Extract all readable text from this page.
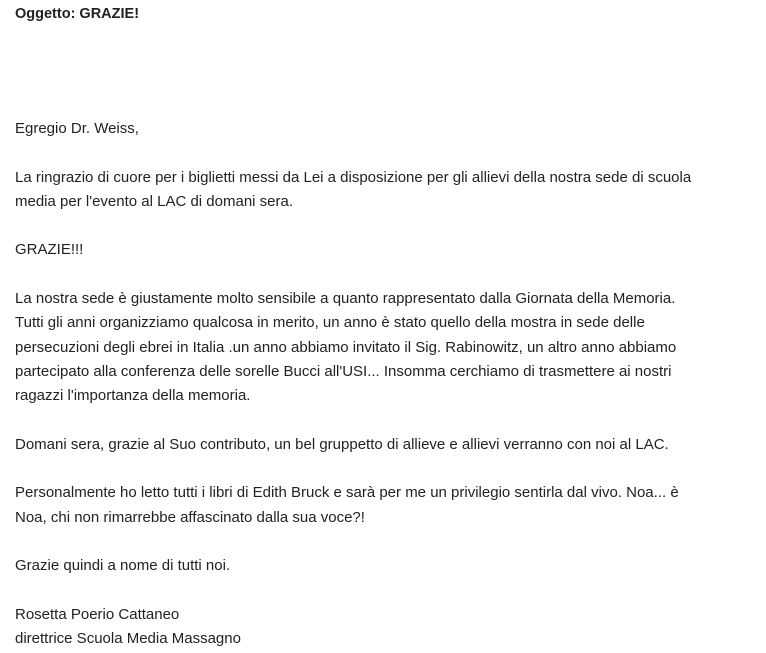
Oggetto: GRAZIE!

Egregio Dr. Weiss,

La ringrazio di cuore per i biglietti messi da Lei a disposizione per gli allievi della nostra sede di scuola
media per l'evento al LAC di domani sera.

GRAZIE!!!

La nostra sede è giustamente molto sensibile a quanto rappresentato dalla Giornata della Memoria.
Tutti gli anni organizziamo qualcosa in merito, un anno è stato quello della mostra in sede delle
persecuzioni degli ebrei in Italia .un anno abbiamo invitato il Sig. Rabinowitz, un altro anno abbiamo
partecipato alla conferenza delle sorelle Bucci all'USI... Insomma cerchiamo di trasmettere ai nostri
ragazzi l'importanza della memoria.

Domani sera, grazie al Suo contributo, un bel gruppetto di allieve e allievi verranno con noi al LAC.

Personalmente ho letto tutti i libri di Edith Bruck e sarà per me un privilegio sentirla dal vivo. Noa... è
Noa, chi non rimarrebbe affascinato dalla sua voce?!

Grazie quindi a nome di tutti noi.

Rosetta Poerio Cattaneo
direttrice Scuola Media Massagno
